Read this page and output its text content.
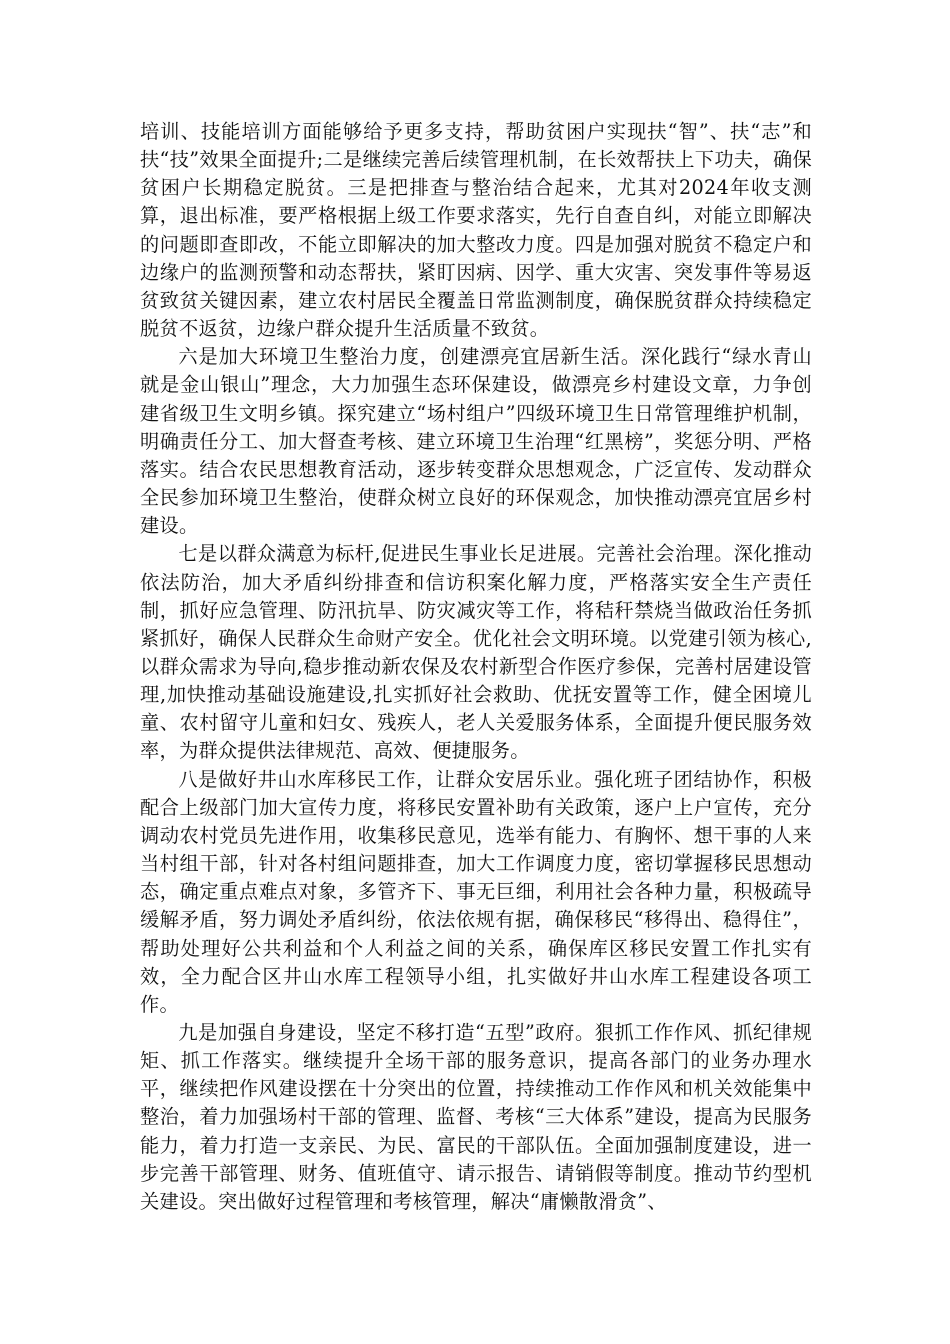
培训、技能培训方面能够给予更多支持，帮助贫困户实现扶“智”、扶“志”和扶“技”效果全面提升;二是继续完善后续管理机制，在长效帮扶上下功夫，确保贫困户长期稳定脱贫。三是把排查与整治结合起来，尤其对2024年收支测算，退出标准，要严格根据上级工作要求落实，先行自查自纠，对能立即解决的问题即查即改，不能立即解决的加大整改力度。四是加强对脱贫不稳定户和边缘户的监测预警和动态帮扶，紧盯因病、因学、重大灾害、突发事件等易返贫致贫关键因素，建立农村居民全覆盖日常监测制度，确保脱贫群众持续稳定脱贫不返贫，边缘户群众提升生活质量不致贫。

六是加大环境卫生整治力度，创建漂亮宜居新生活。深化践行“绿水青山就是金山银山”理念，大力加强生态环保建设，做漂亮乡村建设文章，力争创建省级卫生文明乡镇。探究建立“场村组户”四级环境卫生日常管理维护机制，明确责任分工、加大督查考核、建立环境卫生治理“红黑榜”，奖惩分明、严格落实。结合农民思想教育活动，逐步转变群众思想观念，广泛宣传、发动群众全民参加环境卫生整治，使群众树立良好的环保观念，加快推动漂亮宜居乡村建设。

七是以群众满意为标杆,促进民生事业长足进展。完善社会治理。深化推动依法防治，加大矛盾纠纷排查和信访积案化解力度，严格落实安全生产责任制，抓好应急管理、防汛抗旱、防灾减灾等工作，将秸秆禁烧当做政治任务抓紧抓好，确保人民群众生命财产安全。优化社会文明环境。以党建引领为核心,以群众需求为导向,稳步推动新农保及农村新型合作医疗参保，完善村居建设管理,加快推动基础设施建设,扎实抓好社会救助、优抚安置等工作，健全困境儿童、农村留守儿童和妇女、残疾人，老人关爱服务体系，全面提升便民服务效率，为群众提供法律规范、高效、便捷服务。

八是做好井山水库移民工作，让群众安居乐业。强化班子团结协作，积极配合上级部门加大宣传力度，将移民安置补助有关政策，逐户上户宣传，充分调动农村党员先进作用，收集移民意见，选举有能力、有胸怀、想干事的人来当村组干部，针对各村组问题排查，加大工作调度力度，密切掌握移民思想动态，确定重点难点对象，多管齐下、事无巨细，利用社会各种力量，积极疏导缓解矛盾，努力调处矛盾纠纷，依法依规有据，确保移民“移得出、稳得住”，帮助处理好公共利益和个人利益之间的关系，确保库区移民安置工作扎实有效，全力配合区井山水库工程领导小组，扎实做好井山水库工程建设各项工作。

九是加强自身建设，坚定不移打造“五型”政府。狠抓工作作风、抓纪律规矩、抓工作落实。继续提升全场干部的服务意识，提高各部门的业务办理水平，继续把作风建设摆在十分突出的位置，持续推动工作作风和机关效能集中整治，着力加强场村干部的管理、监督、考核“三大体系”建设，提高为民服务能力，着力打造一支亲民、为民、富民的干部队伍。全面加强制度建设，进一步完善干部管理、财务、值班值守、请示报告、请销假等制度。推动节约型机关建设。突出做好过程管理和考核管理，解决“庸懒散滑贪”、
